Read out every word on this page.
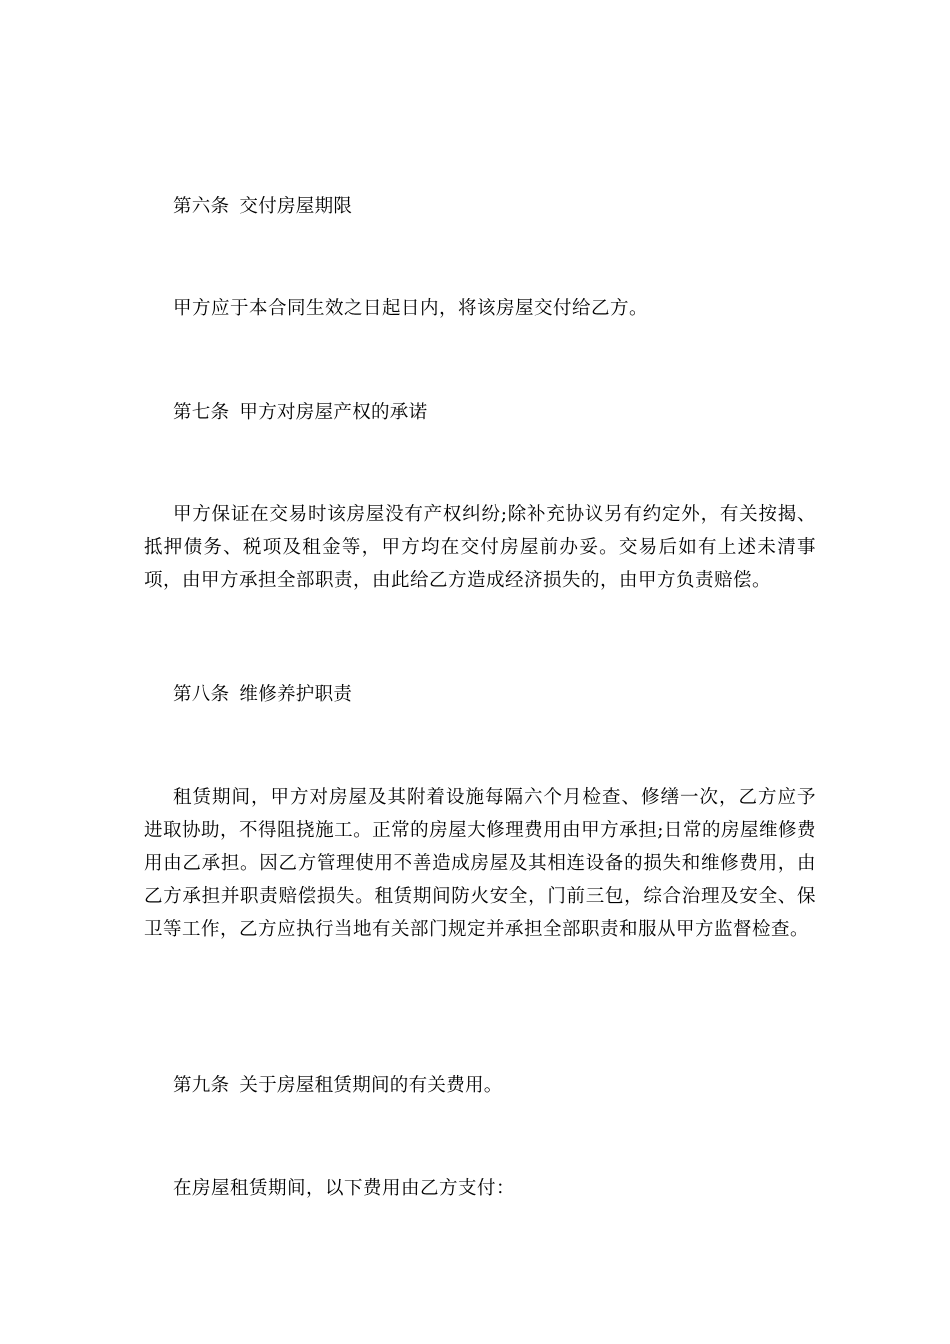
第六条 交付房屋期限

甲方应于本合同生效之日起日内，将该房屋交付给乙方。

第七条 甲方对房屋产权的承诺

甲方保证在交易时该房屋没有产权纠纷;除补充协议另有约定外，有关按揭、抵押债务、税项及租金等，甲方均在交付房屋前办妥。交易后如有上述未清事项，由甲方承担全部职责，由此给乙方造成经济损失的，由甲方负责赔偿。

第八条 维修养护职责

租赁期间，甲方对房屋及其附着设施每隔六个月检查、修缮一次，乙方应予进取协助，不得阻挠施工。正常的房屋大修理费用由甲方承担;日常的房屋维修费用由乙承担。因乙方管理使用不善造成房屋及其相连设备的损失和维修费用，由乙方承担并职责赔偿损失。租赁期间防火安全，门前三包，综合治理及安全、保卫等工作，乙方应执行当地有关部门规定并承担全部职责和服从甲方监督检查。

第九条 关于房屋租赁期间的有关费用。

在房屋租赁期间，以下费用由乙方支付：
